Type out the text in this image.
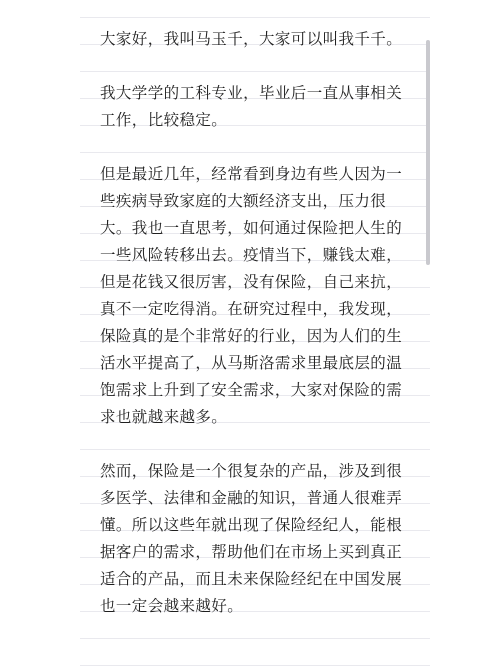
大家好，我叫马玉千，大家可以叫我千千。

我大学学的工科专业，毕业后一直从事相关工作，比较稳定。

但是最近几年，经常看到身边有些人因为一些疾病导致家庭的大额经济支出，压力很大。我也一直思考，如何通过保险把人生的一些风险转移出去。疫情当下，赚钱太难，但是花钱又很厉害，没有保险，自己来抗，真不一定吃得消。在研究过程中，我发现，保险真的是个非常好的行业，因为人们的生活水平提高了，从马斯洛需求里最底层的温饱需求上升到了安全需求，大家对保险的需求也就越来越多。

然而，保险是一个很复杂的产品，涉及到很多医学、法律和金融的知识，普通人很难弄懂。所以这些年就出现了保险经纪人，能根据客户的需求，帮助他们在市场上买到真正适合的产品，而且未来保险经纪在中国发展也一定会越来越好。
